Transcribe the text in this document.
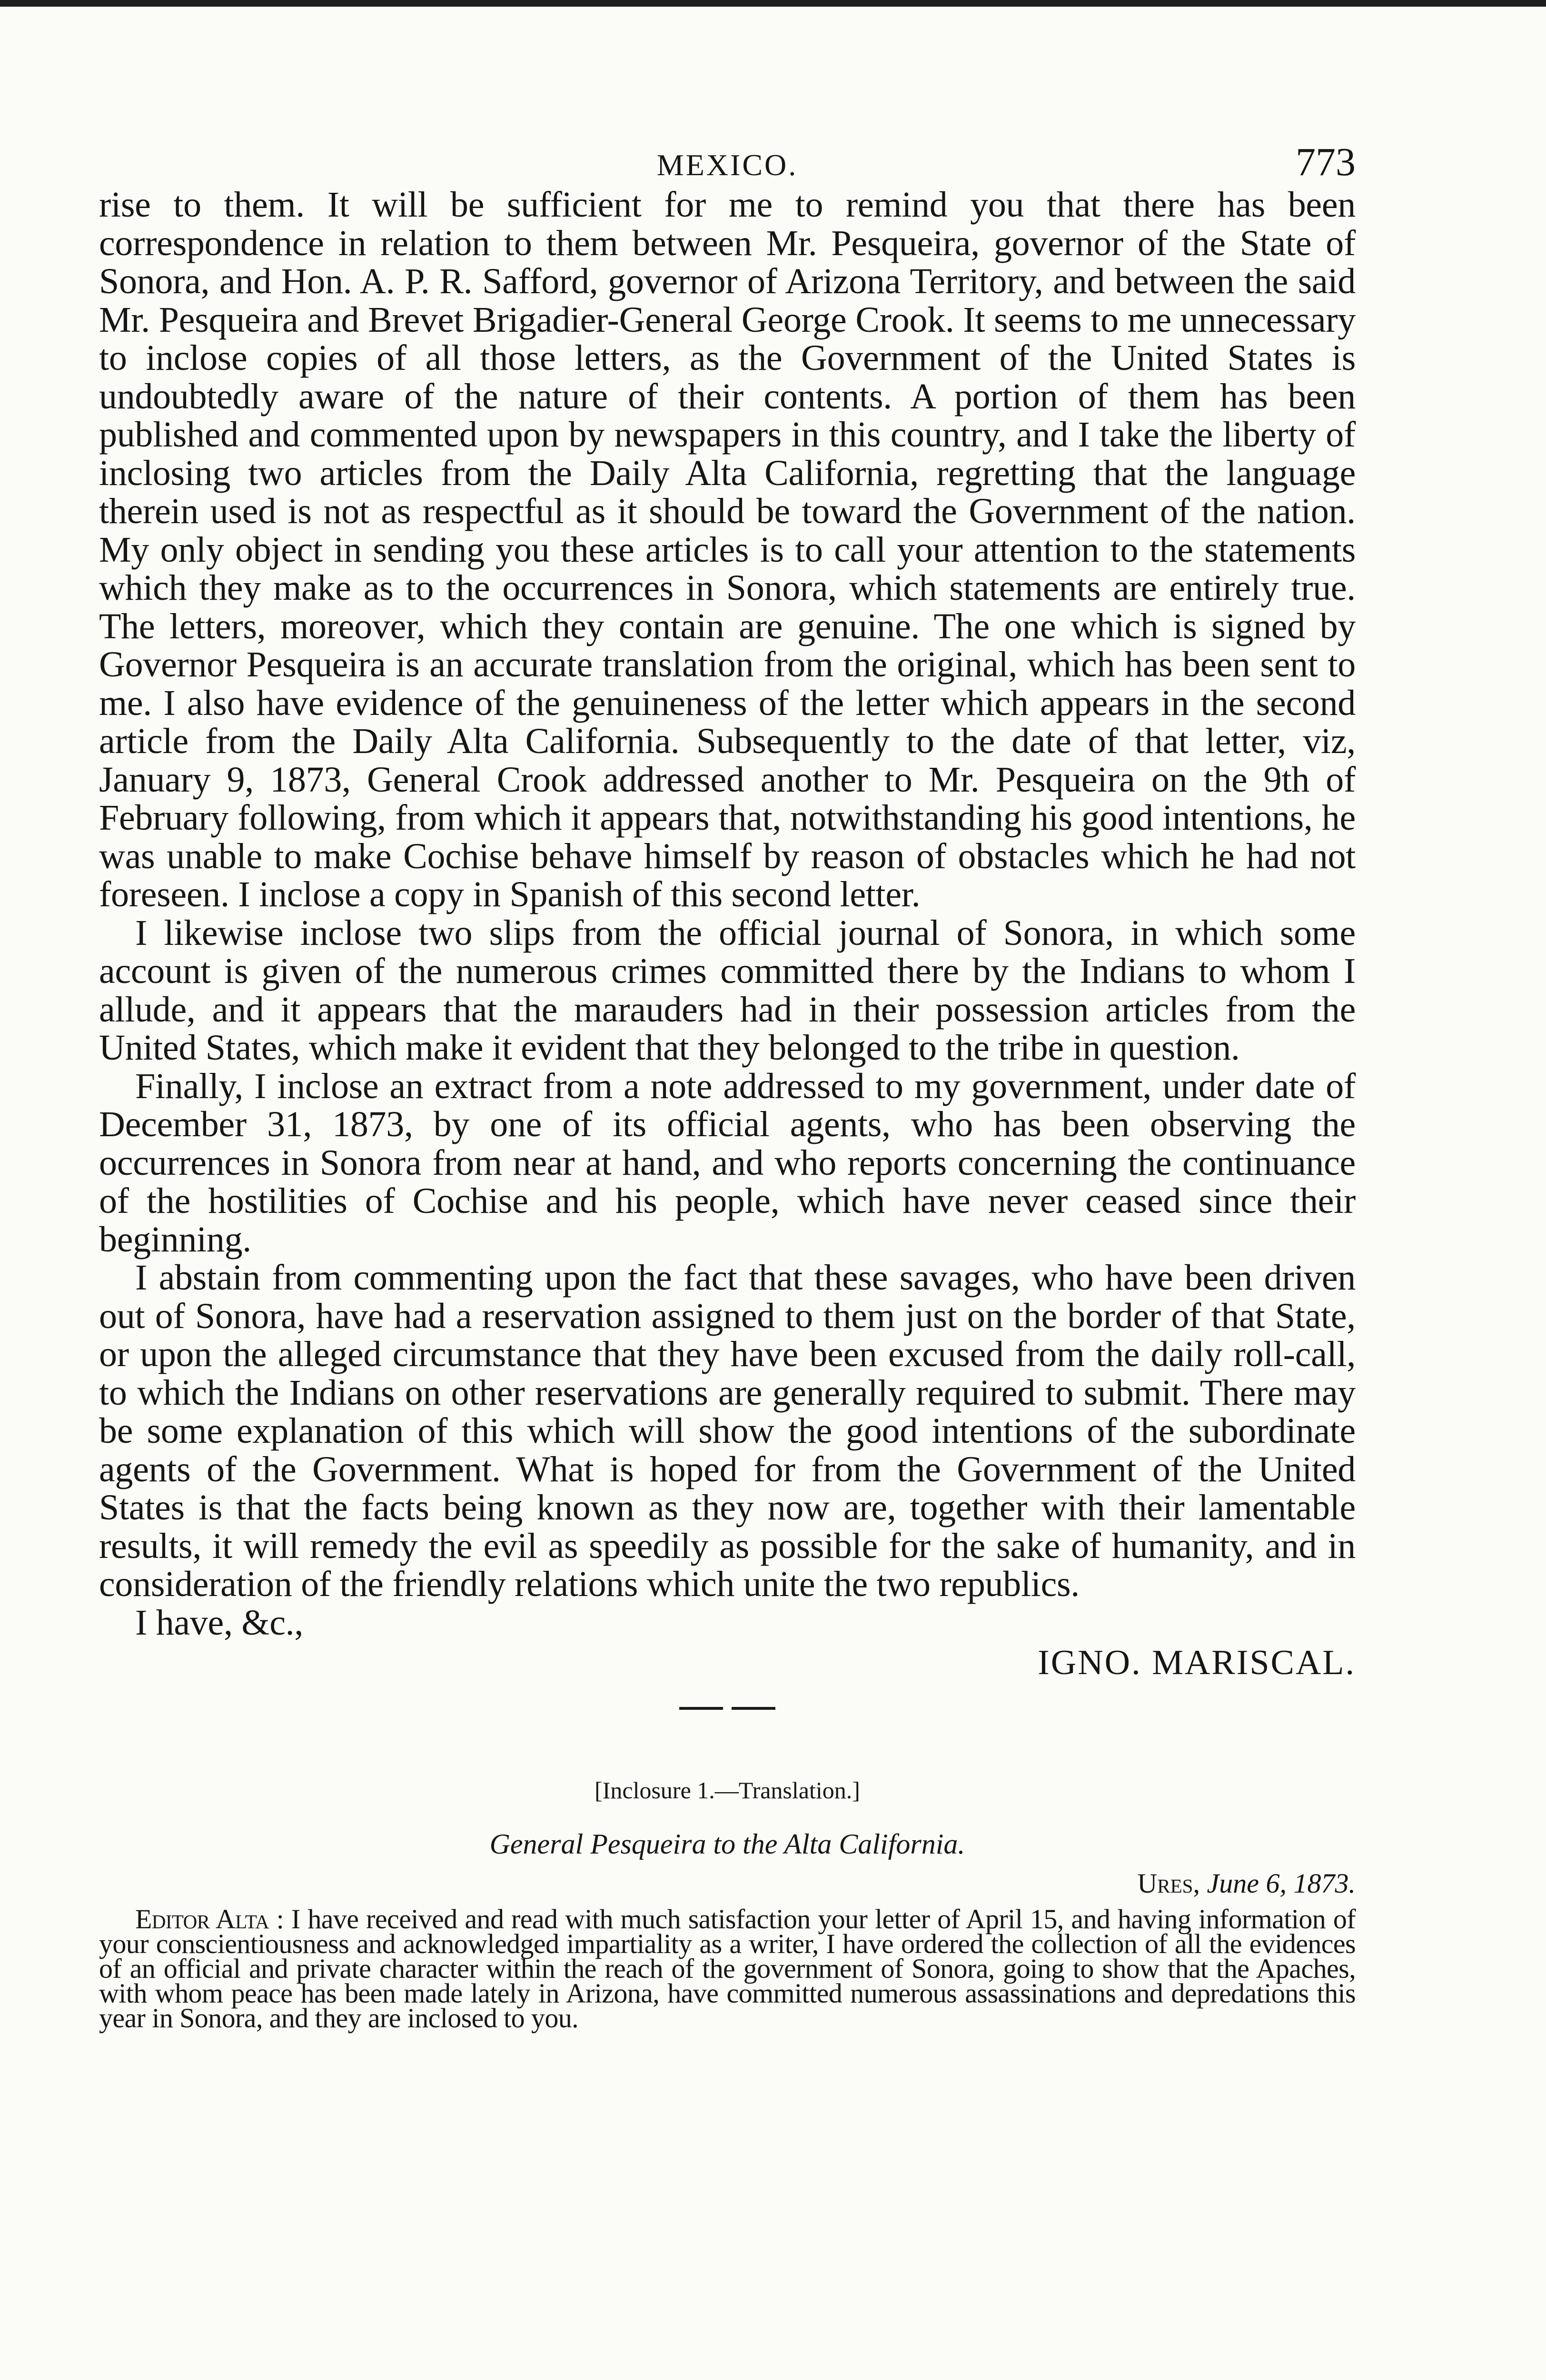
MEXICO.	773

rise to them. It will be sufficient for me to remind you that there has been correspondence in relation to them between Mr. Pesqueira, governor of the State of Sonora, and Hon. A. P. R. Safford, governor of Arizona Territory, and between the said Mr. Pesqueira and Brevet Brigadier-General George Crook. It seems to me unnecessary to inclose copies of all those letters, as the Government of the United States is undoubtedly aware of the nature of their contents. A portion of them has been published and commented upon by newspapers in this country, and I take the liberty of inclosing two articles from the Daily Alta California, regretting that the language therein used is not as respectful as it should be toward the Government of the nation. My only object in sending you these articles is to call your attention to the statements which they make as to the occurrences in Sonora, which statements are entirely true. The letters, moreover, which they contain are genuine. The one which is signed by Governor Pesqueira is an accurate translation from the original, which has been sent to me. I also have evidence of the genuineness of the letter which appears in the second article from the Daily Alta California. Subsequently to the date of that letter, viz, January 9, 1873, General Crook addressed another to Mr. Pesqueira on the 9th of February following, from which it appears that, notwithstanding his good intentions, he was unable to make Cochise behave himself by reason of obstacles which he had not foreseen. I inclose a copy in Spanish of this second letter.

I likewise inclose two slips from the official journal of Sonora, in which some account is given of the numerous crimes committed there by the Indians to whom I allude, and it appears that the marauders had in their possession articles from the United States, which make it evident that they belonged to the tribe in question.

Finally, I inclose an extract from a note addressed to my government, under date of December 31, 1873, by one of its official agents, who has been observing the occurrences in Sonora from near at hand, and who reports concerning the continuance of the hostilities of Cochise and his people, which have never ceased since their beginning.

I abstain from commenting upon the fact that these savages, who have been driven out of Sonora, have had a reservation assigned to them just on the border of that State, or upon the alleged circumstance that they have been excused from the daily roll-call, to which the Indians on other reservations are generally required to submit. There may be some explanation of this which will show the good intentions of the subordinate agents of the Government. What is hoped for from the Government of the United States is that the facts being known as they now are, together with their lamentable results, it will remedy the evil as speedily as possible for the sake of humanity, and in consideration of the friendly relations which unite the two republics.

I have, &c.,

IGNO. MARISCAL.
[Inclosure 1.—Translation.]
General Pesqueira to the Alta California.
Ures, June 6, 1873.

Editor Alta : I have received and read with much satisfaction your letter of April 15, and having information of your conscientiousness and acknowledged impartiality as a writer, I have ordered the collection of all the evidences of an official and private character within the reach of the government of Sonora, going to show that the Apaches, with whom peace has been made lately in Arizona, have committed numerous assassinations and depredations this year in Sonora, and they are inclosed to you.
